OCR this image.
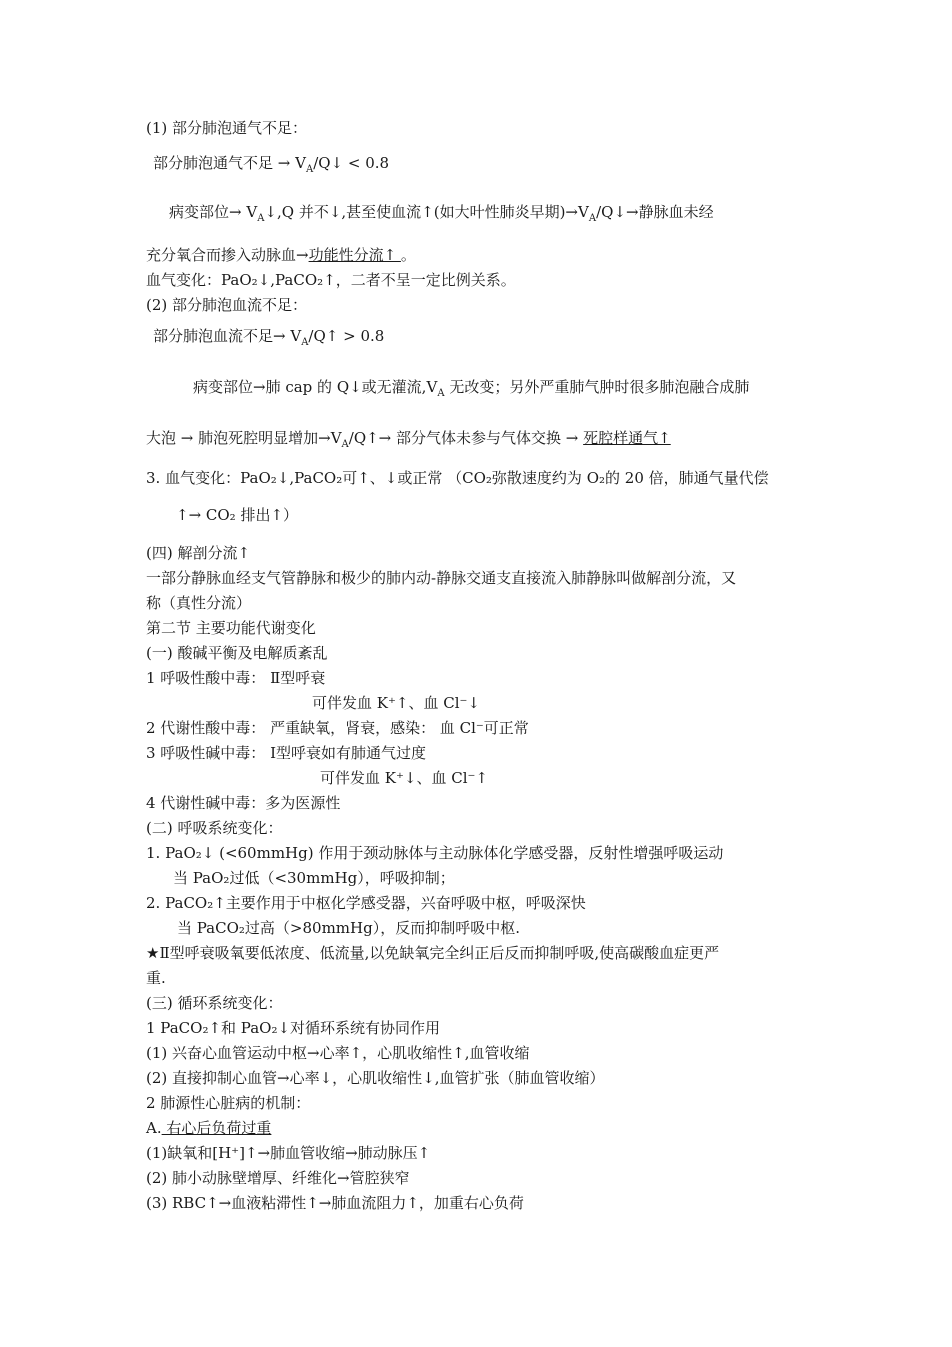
(1) 部分肺泡通气不足：
部分肺泡通气不足 → $V_A/Q↓ < 0.8$
病变部位→ $V_A↓,Q$ 并不↓,甚至使血流↑(如大叶性肺炎早期)$\to V_A/Q↓\to$静脉血未经
充分氧合而掺入动脉血→功能性分流↑ 。
血气变化：PaO₂↓,PaCO₂↑，二者不呈一定比例关系。
(2) 部分肺泡血流不足：
部分肺泡血流不足→ $V_A/Q↑ > 0.8$
病变部位→肺 cap 的 Q↓或无灌流$,V_A$ 无改变；另外严重肺气肿时很多肺泡融合成肺
大泡 → 肺泡死腔明显增加$\to V_A/Q↑\to$ 部分气体未参与气体交换 → 死腔样通气↑
3. 血气变化：PaO₂↓,PaCO₂可↑、↓或正常 （CO₂弥散速度约为 O₂的 20 倍，肺通气量代偿
↑→ CO₂ 排出↑）
(四) 解剖分流↑
一部分静脉血经支气管静脉和极少的肺内动-静脉交通支直接流入肺静脉叫做解剖分流，又
称（真性分流）
第二节 主要功能代谢变化
(一) 酸碱平衡及电解质紊乱
1 呼吸性酸中毒： Ⅱ型呼衰
可伴发血 K⁺↑、血 Cl⁻↓
2 代谢性酸中毒： 严重缺氧，肾衰，感染： 血 Cl⁻可正常
3 呼吸性碱中毒： Ⅰ型呼衰如有肺通气过度
可伴发血 K⁺↓、血 Cl⁻↑
4 代谢性碱中毒：多为医源性
(二) 呼吸系统变化：
1. PaO₂↓ (<60mmHg) 作用于颈动脉体与主动脉体化学感受器，反射性增强呼吸运动
当 PaO₂过低（<30mmHg），呼吸抑制；
2. PaCO₂↑主要作用于中枢化学感受器，兴奋呼吸中枢，呼吸深快
当 PaCO₂过高（>80mmHg），反而抑制呼吸中枢.
★Ⅱ型呼衰吸氧要低浓度、低流量,以免缺氧完全纠正后反而抑制呼吸,使高碳酸血症更严
重.
(三) 循环系统变化：
1 PaCO₂↑和 PaO₂↓对循环系统有协同作用
(1) 兴奋心血管运动中枢→心率↑，心肌收缩性↑,血管收缩
(2) 直接抑制心血管→心率↓，心肌收缩性↓,血管扩张（肺血管收缩）
2 肺源性心脏病的机制：
A. 右心后负荷过重
(1)缺氧和[H⁺]↑→肺血管收缩→肺动脉压↑
(2) 肺小动脉壁增厚、纤维化→管腔狭窄
(3) RBC↑→血液粘滞性↑→肺血流阻力↑，加重右心负荷
